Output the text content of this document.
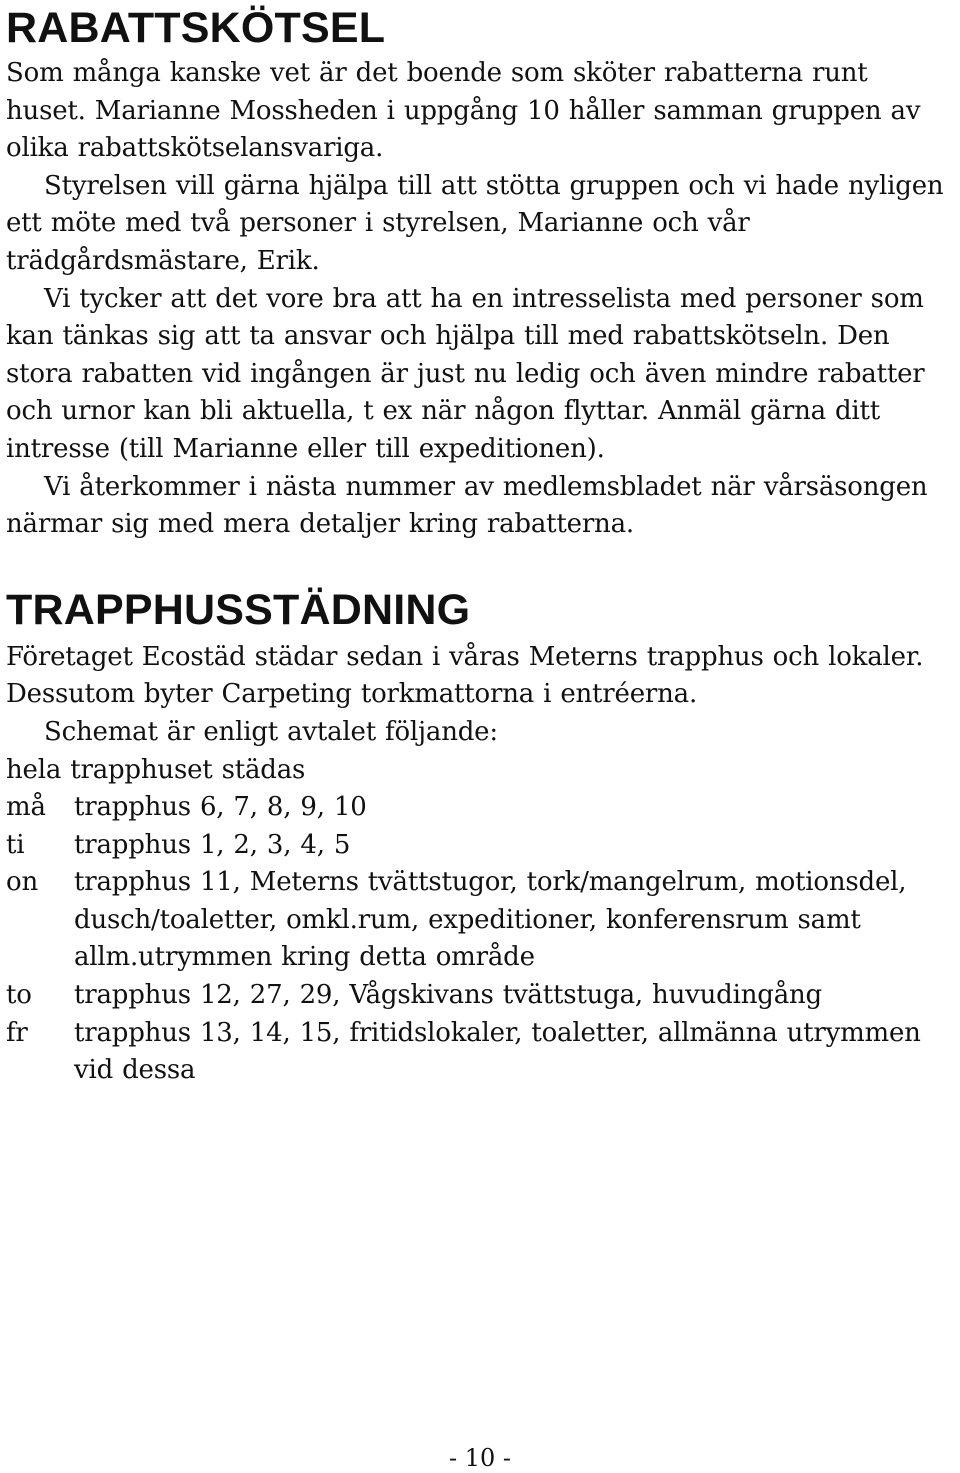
RABATTSKÖTSEL

Som många kanske vet är det boende som sköter rabatterna runt huset. Marianne Mossheden i uppgång 10 håller samman gruppen av olika rabattskötselansvariga.

Styrelsen vill gärna hjälpa till att stötta gruppen och vi hade nyligen ett möte med två personer i styrelsen, Marianne och vår trädgårdsmästare, Erik.

Vi tycker att det vore bra att ha en intresselista med personer som kan tänkas sig att ta ansvar och hjälpa till med rabattskötseln. Den stora rabatten vid ingången är just nu ledig och även mindre rabatter och urnor kan bli aktuella, t ex när någon flyttar. Anmäl gärna ditt intresse (till Marianne eller till expeditionen).

Vi återkommer i nästa nummer av medlemsbladet när vårsäsongen närmar sig med mera detaljer kring rabatterna.

TRAPPHUSSTÄDNING

Företaget Ecostäd städar sedan i våras Meterns trapphus och lokaler. Dessutom byter Carpeting torkmattorna i entréerna.

Schemat är enligt avtalet följande:

hela trapphuset städas

må	trapphus 6, 7, 8, 9, 10
ti	trapphus 1, 2, 3, 4, 5
on	trapphus 11, Meterns tvättstugor, tork/mangelrum, motionsdel, dusch/toaletter, omkl.rum, expeditioner, konferensrum samt allm.utrymmen kring detta område
to	trapphus 12, 27, 29, Vågskivans tvättstuga, huvudingång
fr	trapphus 13, 14, 15, fritidslokaler, toaletter, allmänna utrymmen vid dessa
- 10 -
